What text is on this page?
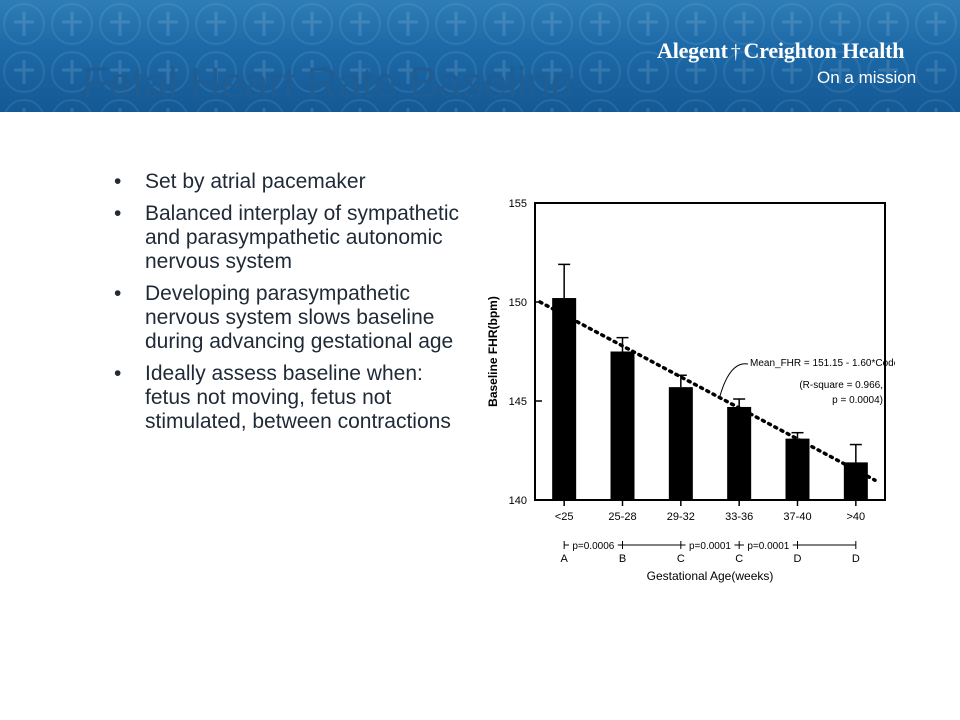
Alegent † Creighton Health
On a mission
Fetal Heart Rate Baseline
• Set by atrial pacemaker
• Balanced interplay of sympathetic and parasympathetic autonomic nervous system
• Developing parasympathetic nervous system slows baseline during advancing gestational age
• Ideally assess baseline when: fetus not moving, fetus not stimulated, between contractions
140
145
150
155
Baseline FHR(bpm)
<25	25-28	29-32	33-36	37-40	>40
Mean_FHR = 151.15 - 1.60*Code
(R-square = 0.966,
p = 0.0004)
A	B	C	C	D	D
p=0.0006	p=0.0001 p=0.0001
Gestational Age(weeks)
